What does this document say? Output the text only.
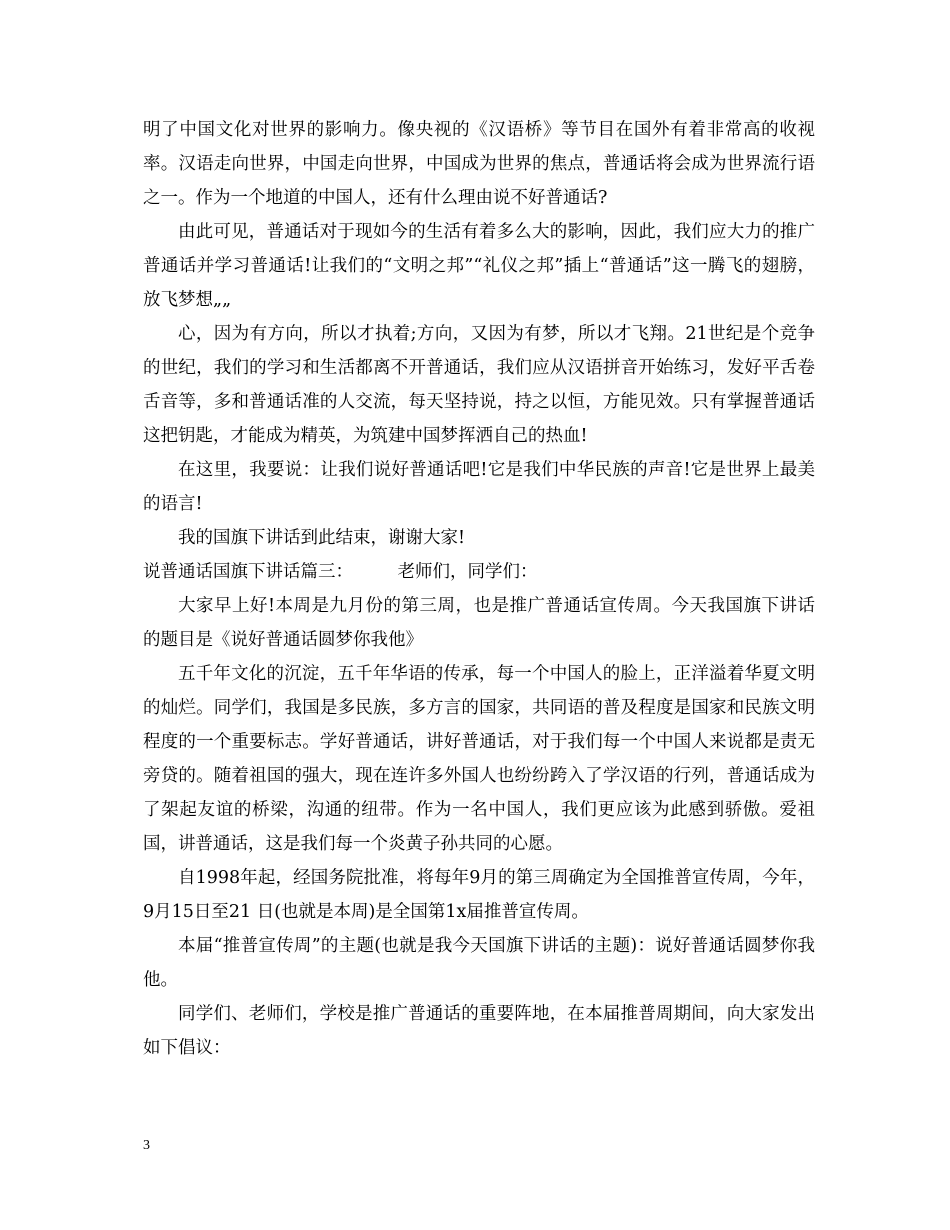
明了中国文化对世界的影响力。像央视的《汉语桥》等节目在国外有着非常高的收视率。汉语走向世界，中国走向世界，中国成为世界的焦点，普通话将会成为世界流行语之一。作为一个地道的中国人，还有什么理由说不好普通话?

由此可见，普通话对于现如今的生活有着多么大的影响，因此，我们应大力的推广普通话并学习普通话!让我们的“文明之邦”“礼仪之邦”插上“普通话”这一腾飞的翅膀，放飞梦想„„

心，因为有方向，所以才执着;方向，又因为有梦，所以才飞翔。21世纪是个竞争的世纪，我们的学习和生活都离不开普通话，我们应从汉语拼音开始练习，发好平舌卷舌音等，多和普通话准的人交流，每天坚持说，持之以恒，方能见效。只有掌握普通话这把钥匙，才能成为精英，为筑建中国梦挥洒自己的热血!

在这里，我要说：让我们说好普通话吧!它是我们中华民族的声音!它是世界上最美的语言!

我的国旗下讲话到此结束，谢谢大家!

说普通话国旗下讲话篇三：        老师们，同学们：

大家早上好!本周是九月份的第三周，也是推广普通话宣传周。今天我国旗下讲话的题目是《说好普通话圆梦你我他》

五千年文化的沉淀，五千年华语的传承，每一个中国人的脸上，正洋溢着华夏文明的灿烂。同学们，我国是多民族，多方言的国家，共同语的普及程度是国家和民族文明程度的一个重要标志。学好普通话，讲好普通话，对于我们每一个中国人来说都是责无旁贷的。随着祖国的强大，现在连许多外国人也纷纷跨入了学汉语的行列，普通话成为了架起友谊的桥梁，沟通的纽带。作为一名中国人，我们更应该为此感到骄傲。爱祖国，讲普通话，这是我们每一个炎黄子孙共同的心愿。

自1998年起，经国务院批准，将每年9月的第三周确定为全国推普宣传周，今年， 9月15日至21 日(也就是本周)是全国第1x届推普宣传周。

本届“推普宣传周”的主题(也就是我今天国旗下讲话的主题)：说好普通话圆梦你我他。

同学们、老师们，学校是推广普通话的重要阵地，在本届推普周期间，向大家发出如下倡议：

3
